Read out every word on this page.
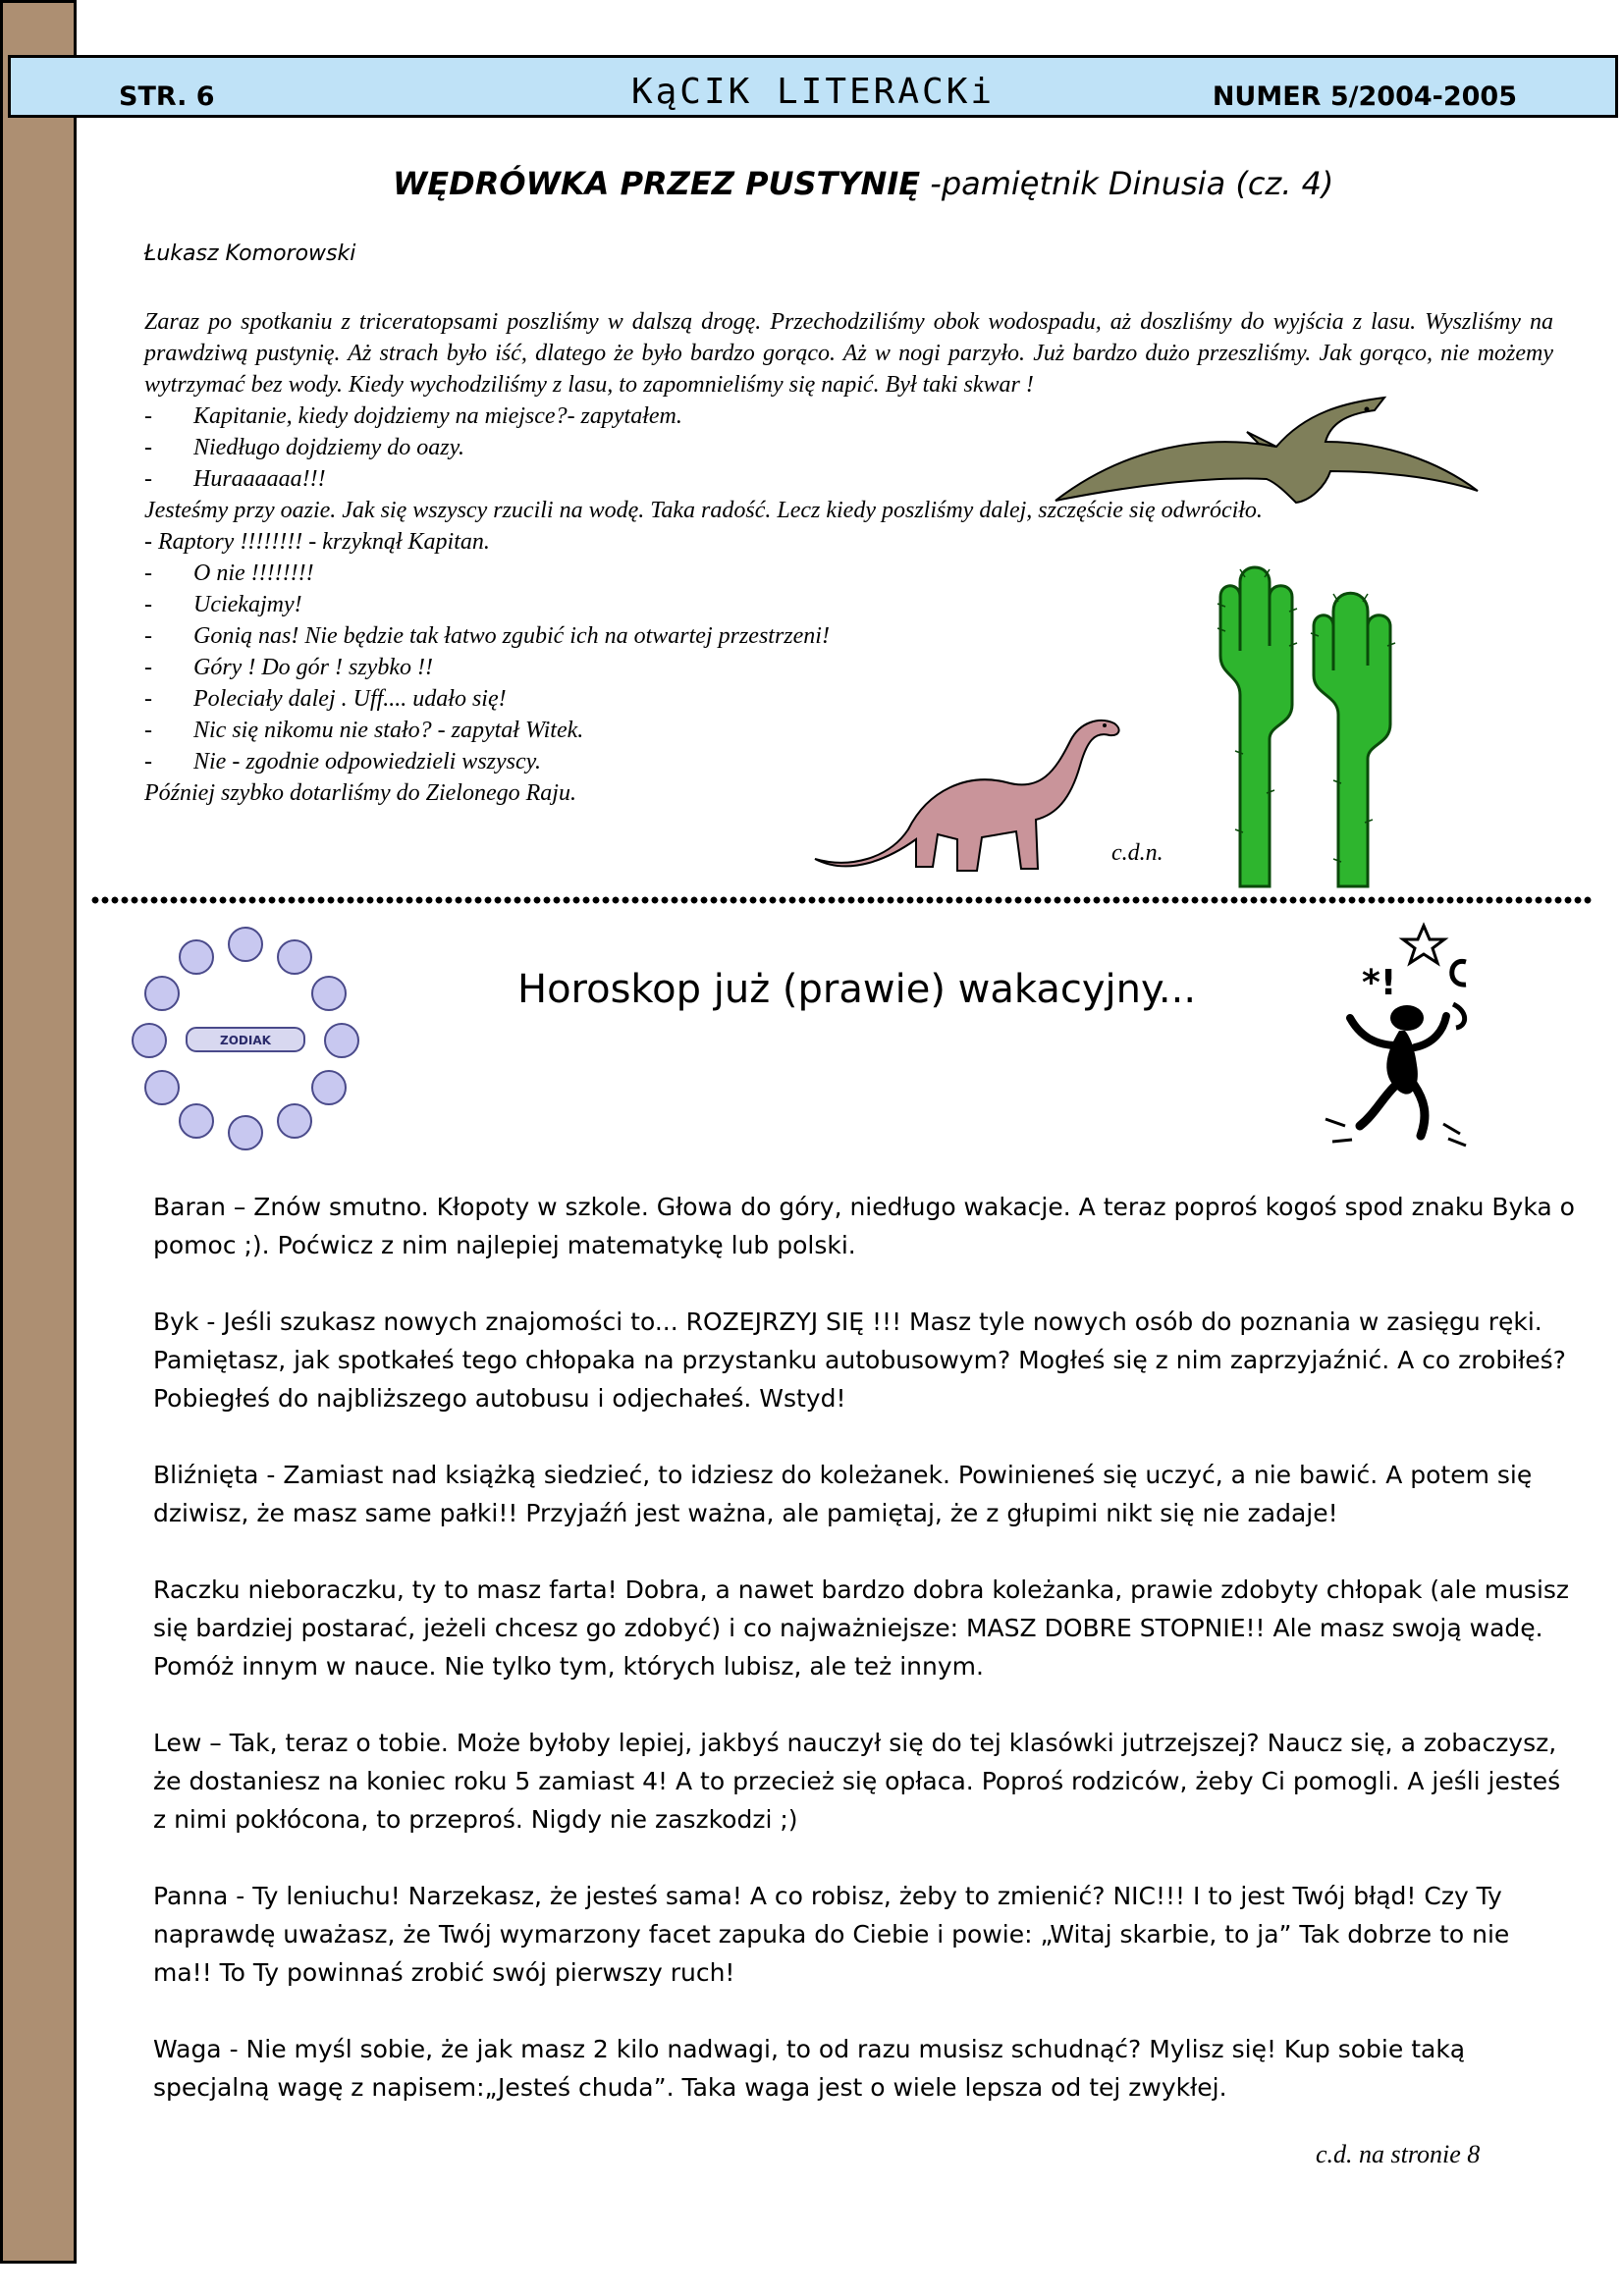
STR. 6	KąCIK LITERACKi	NUMER 5/2004-2005
WĘDRÓWKA PRZEZ PUSTYNIĘ -pamiętnik Dinusia (cz. 4)
Łukasz Komorowski

Zaraz po spotkaniu z triceratopsami poszliśmy w dalszą drogę. Przechodziliśmy obok wodospadu, aż doszliśmy do wyjścia z lasu. Wyszliśmy na prawdziwą pustynię. Aż strach było iść, dlatego że było bardzo gorąco. Aż w nogi parzyło. Już bardzo dużo przeszliśmy. Jak gorąco, nie możemy wytrzymać bez wody. Kiedy wychodziliśmy z lasu, to zapomnieliśmy się napić. Był taki skwar !

- Kapitanie, kiedy dojdziemy na miejsce?- zapytałem.
- Niedługo dojdziemy do oazy.
- Huraaaaaa!!!

Jesteśmy przy oazie. Jak się wszyscy rzucili na wodę. Taka radość. Lecz kiedy poszliśmy dalej, szczęście się odwróciło.

- Raptory !!!!!!!! - krzyknął Kapitan.
- O nie !!!!!!!!
- Uciekajmy!
- Gonią nas! Nie będzie tak łatwo zgubić ich na otwartej przestrzeni!
- Góry ! Do gór ! szybko !!
- Poleciały dalej . Uff.... udało się!
- Nic się nikomu nie stało? - zapytał Witek.
- Nie - zgodnie odpowiedzieli wszyscy.

Później szybko dotarliśmy do Zielonego Raju.

c.d.n.
ZODIAK
Horoskop już (prawie) wakacyjny...	*!

Baran – Znów smutno. Kłopoty w szkole. Głowa do góry, niedługo wakacje. A teraz poproś kogoś spod znaku Byka o pomoc ;). Poćwicz z nim najlepiej matematykę lub polski.

Byk - Jeśli szukasz nowych znajomości to... ROZEJRZYJ SIĘ !!! Masz tyle nowych osób do poznania w zasięgu ręki. Pamiętasz, jak spotkałeś tego chłopaka na przystanku autobusowym? Mogłeś się z nim zaprzyjaźnić. A co zrobiłeś? Pobiegłeś do najbliższego autobusu i odjechałeś. Wstyd!

Bliźnięta - Zamiast nad książką siedzieć, to idziesz do koleżanek. Powinieneś się uczyć, a nie bawić. A potem się dziwisz, że masz same pałki!! Przyjaźń jest ważna, ale pamiętaj, że z głupimi nikt się nie zadaje!

Raczku nieboraczku, ty to masz farta! Dobra, a nawet bardzo dobra koleżanka, prawie zdobyty chłopak (ale musisz się bardziej postarać, jeżeli chcesz go zdobyć) i co najważniejsze: MASZ DOBRE STOPNIE!! Ale masz swoją wadę. Pomóż innym w nauce. Nie tylko tym, których lubisz, ale też innym.

Lew – Tak, teraz o tobie. Może byłoby lepiej, jakbyś nauczył się do tej klasówki jutrzejszej? Naucz się, a zobaczysz, że dostaniesz na koniec roku 5 zamiast 4! A to przecież się opłaca. Poproś rodziców, żeby Ci pomogli. A jeśli jesteś z nimi pokłócona, to przeproś. Nigdy nie zaszkodzi ;)

Panna - Ty leniuchu! Narzekasz, że jesteś sama! A co robisz, żeby to zmienić? NIC!!! I to jest Twój błąd! Czy Ty naprawdę uważasz, że Twój wymarzony facet zapuka do Ciebie i powie: „Witaj skarbie, to ja” Tak dobrze to nie ma!! To Ty powinnaś zrobić swój pierwszy ruch!

Waga - Nie myśl sobie, że jak masz 2 kilo nadwagi, to od razu musisz schudnąć? Mylisz się! Kup sobie taką specjalną wagę z napisem:„Jesteś chuda”. Taka waga jest o wiele lepsza od tej zwykłej.

c.d. na stronie 8
